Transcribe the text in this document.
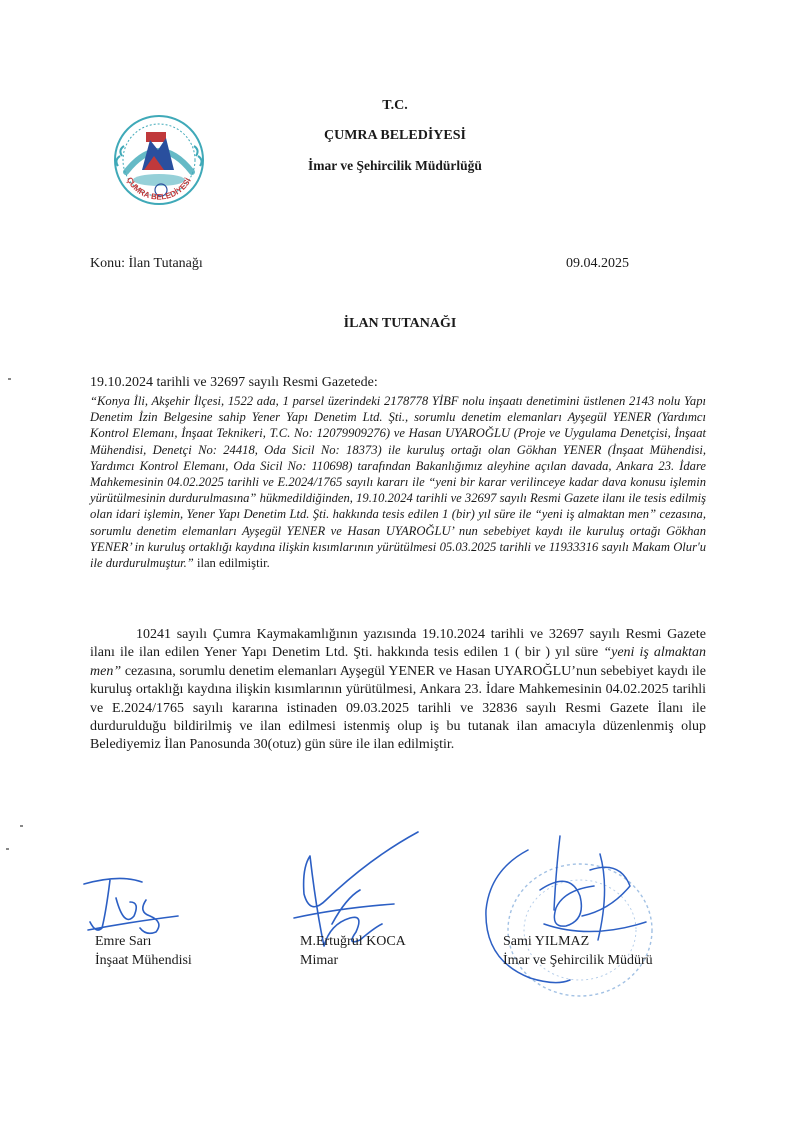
ÇUMRA BELEDİYESİ
T.C.
ÇUMRA BELEDİYESİ
İmar ve Şehircilik Müdürlüğü
Konu: İlan Tutanağı	09.04.2025
İLAN TUTANAĞI
19.10.2024 tarihli ve 32697 sayılı Resmi Gazetede:
“Konya İli, Akşehir İlçesi, 1522 ada, 1 parsel üzerindeki 2178778 YİBF nolu inşaatı denetimini üstlenen 2143 nolu Yapı Denetim İzin Belgesine sahip Yener Yapı Denetim Ltd. Şti., sorumlu denetim elemanları Ayşegül YENER (Yardımcı Kontrol Elemanı, İnşaat Teknikeri, T.C. No: 12079909276) ve Hasan UYAROĞLU (Proje ve Uygulama Denetçisi, İnşaat Mühendisi, Denetçi No: 24418, Oda Sicil No: 18373) ile kuruluş ortağı olan Gökhan YENER (İnşaat Mühendisi, Yardımcı Kontrol Elemanı, Oda Sicil No: 110698) tarafından Bakanlığımız aleyhine açılan davada, Ankara 23. İdare Mahkemesinin 04.02.2025 tarihli ve E.2024/1765 sayılı kararı ile “yeni bir karar verilinceye kadar dava konusu işlemin yürütülmesinin durdurulmasına” hükmedildiğinden, 19.10.2024 tarihli ve 32697 sayılı Resmi Gazete ilanı ile tesis edilmiş olan idari işlemin, Yener Yapı Denetim Ltd. Şti. hakkında tesis edilen 1 (bir) yıl süre ile “yeni iş almaktan men” cezasına, sorumlu denetim elemanları Ayşegül YENER ve Hasan UYAROĞLU’ nun sebebiyet kaydı ile kuruluş ortağı Gökhan YENER’ in kuruluş ortaklığı kaydına ilişkin kısımlarının yürütülmesi 05.03.2025 tarihli ve 11933316 sayılı Makam Olur'u ile durdurulmuştur.” ilan edilmiştir.
10241 sayılı Çumra Kaymakamlığının yazısında 19.10.2024 tarihli ve 32697 sayılı Resmi Gazete ilanı ile ilan edilen Yener Yapı Denetim Ltd. Şti. hakkında tesis edilen 1 ( bir ) yıl süre “yeni iş almaktan men” cezasına, sorumlu denetim elemanları Ayşegül YENER ve Hasan UYAROĞLU’nun sebebiyet kaydı ile kuruluş ortaklığı kaydına ilişkin kısımlarının yürütülmesi, Ankara 23. İdare Mahkemesinin 04.02.2025 tarihli ve E.2024/1765 sayılı kararına istinaden 09.03.2025 tarihli ve 32836 sayılı Resmi Gazete İlanı ile durdurulduğu bildirilmiş ve ilan edilmesi istenmiş olup iş bu tutanak ilan amacıyla düzenlenmiş olup Belediyemiz İlan Panosunda 30(otuz) gün süre ile ilan edilmiştir.
Emre Sarı
İnşaat Mühendisi
M.Ertuğrul KOCA
Mimar
Sami YILMAZ
İmar ve Şehircilik Müdürü
